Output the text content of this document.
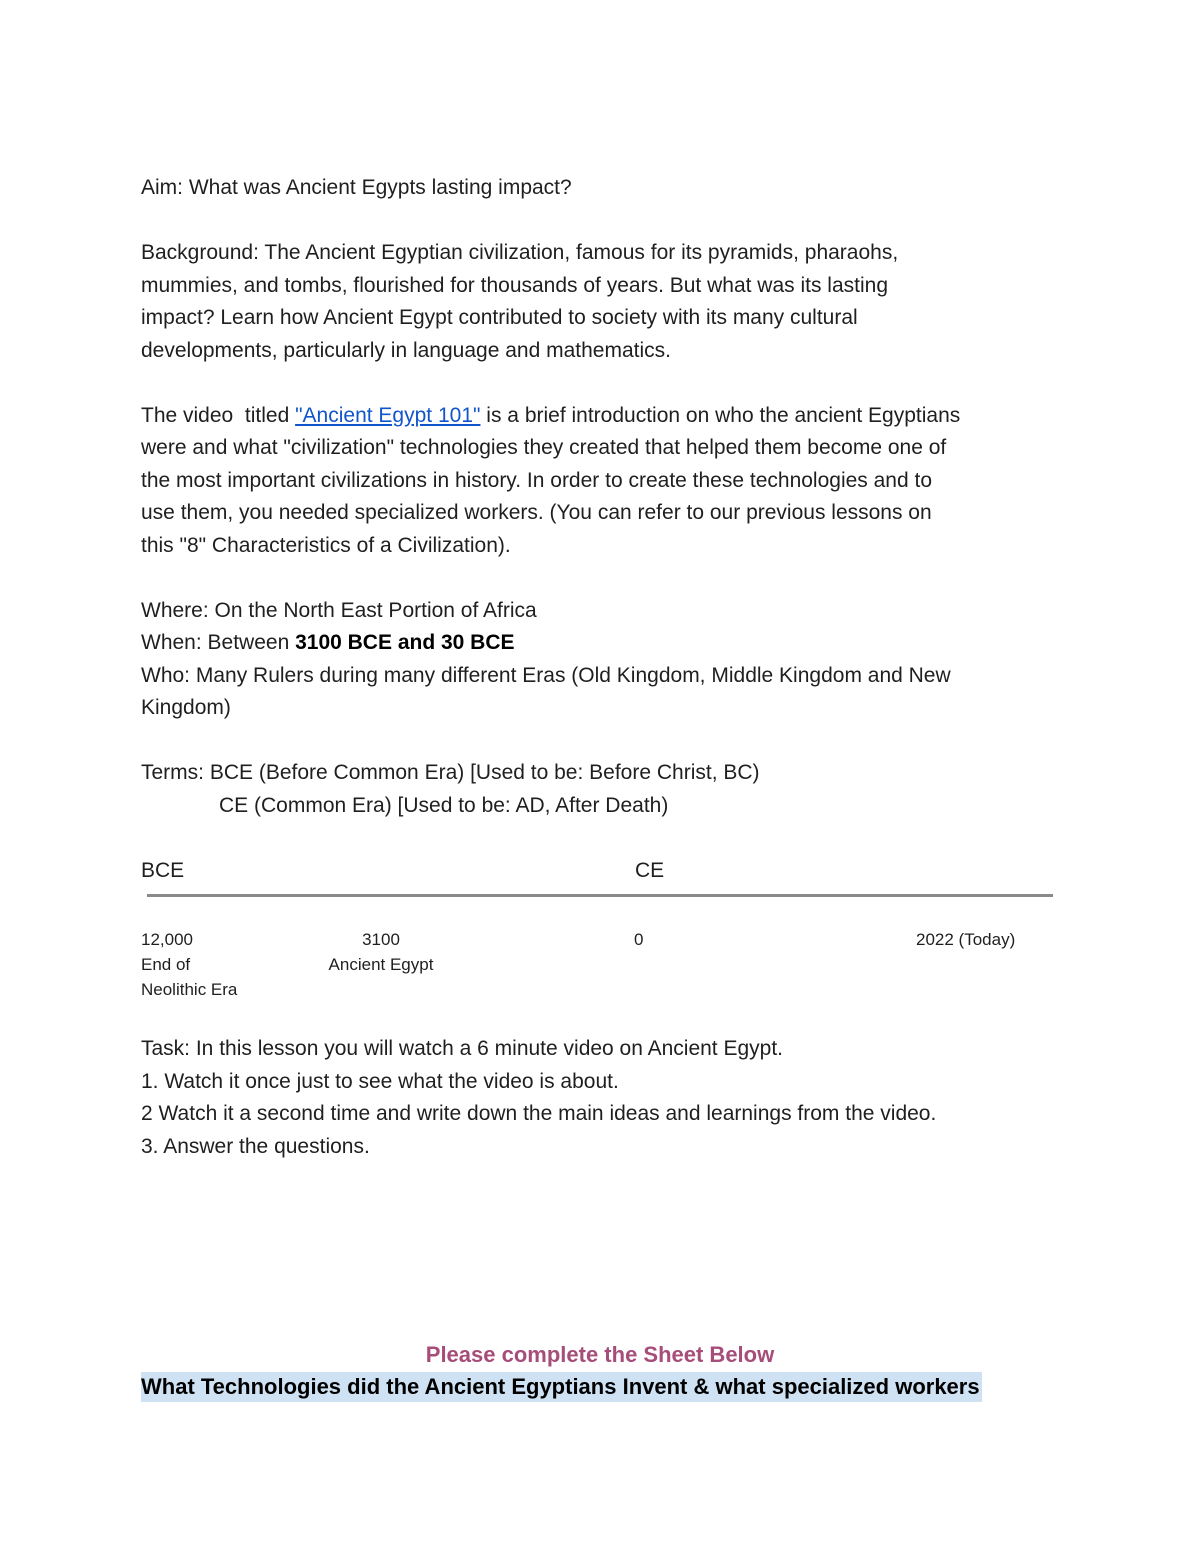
Aim: What was Ancient Egypts lasting impact?

Background: The Ancient Egyptian civilization, famous for its pyramids, pharaohs,

mummies, and tombs, flourished for thousands of years. But what was its lasting

impact? Learn how Ancient Egypt contributed to society with its many cultural

developments, particularly in language and mathematics.

The video  titled "Ancient Egypt 101" is a brief introduction on who the ancient Egyptians

were and what "civilization" technologies they created that helped them become one of

the most important civilizations in history. In order to create these technologies and to

use them, you needed specialized workers. (You can refer to our previous lessons on

this "8" Characteristics of a Civilization).

Where: On the North East Portion of Africa

When: Between 3100 BCE and 30 BCE

Who: Many Rulers during many different Eras (Old Kingdom, Middle Kingdom and New

Kingdom)

Terms: BCE (Before Common Era) [Used to be: Before Christ, BC)

CE (Common Era) [Used to be: AD, After Death)

BCE	CE
12,000
End of
Neolithic Era
3100
Ancient Egypt
0	2022 (Today)

Task: In this lesson you will watch a 6 minute video on Ancient Egypt.

1. Watch it once just to see what the video is about.

2 Watch it a second time and write down the main ideas and learnings from the video.

3. Answer the questions.

Please complete the Sheet Below
What Technologies did the Ancient Egyptians Invent & what specialized workers
